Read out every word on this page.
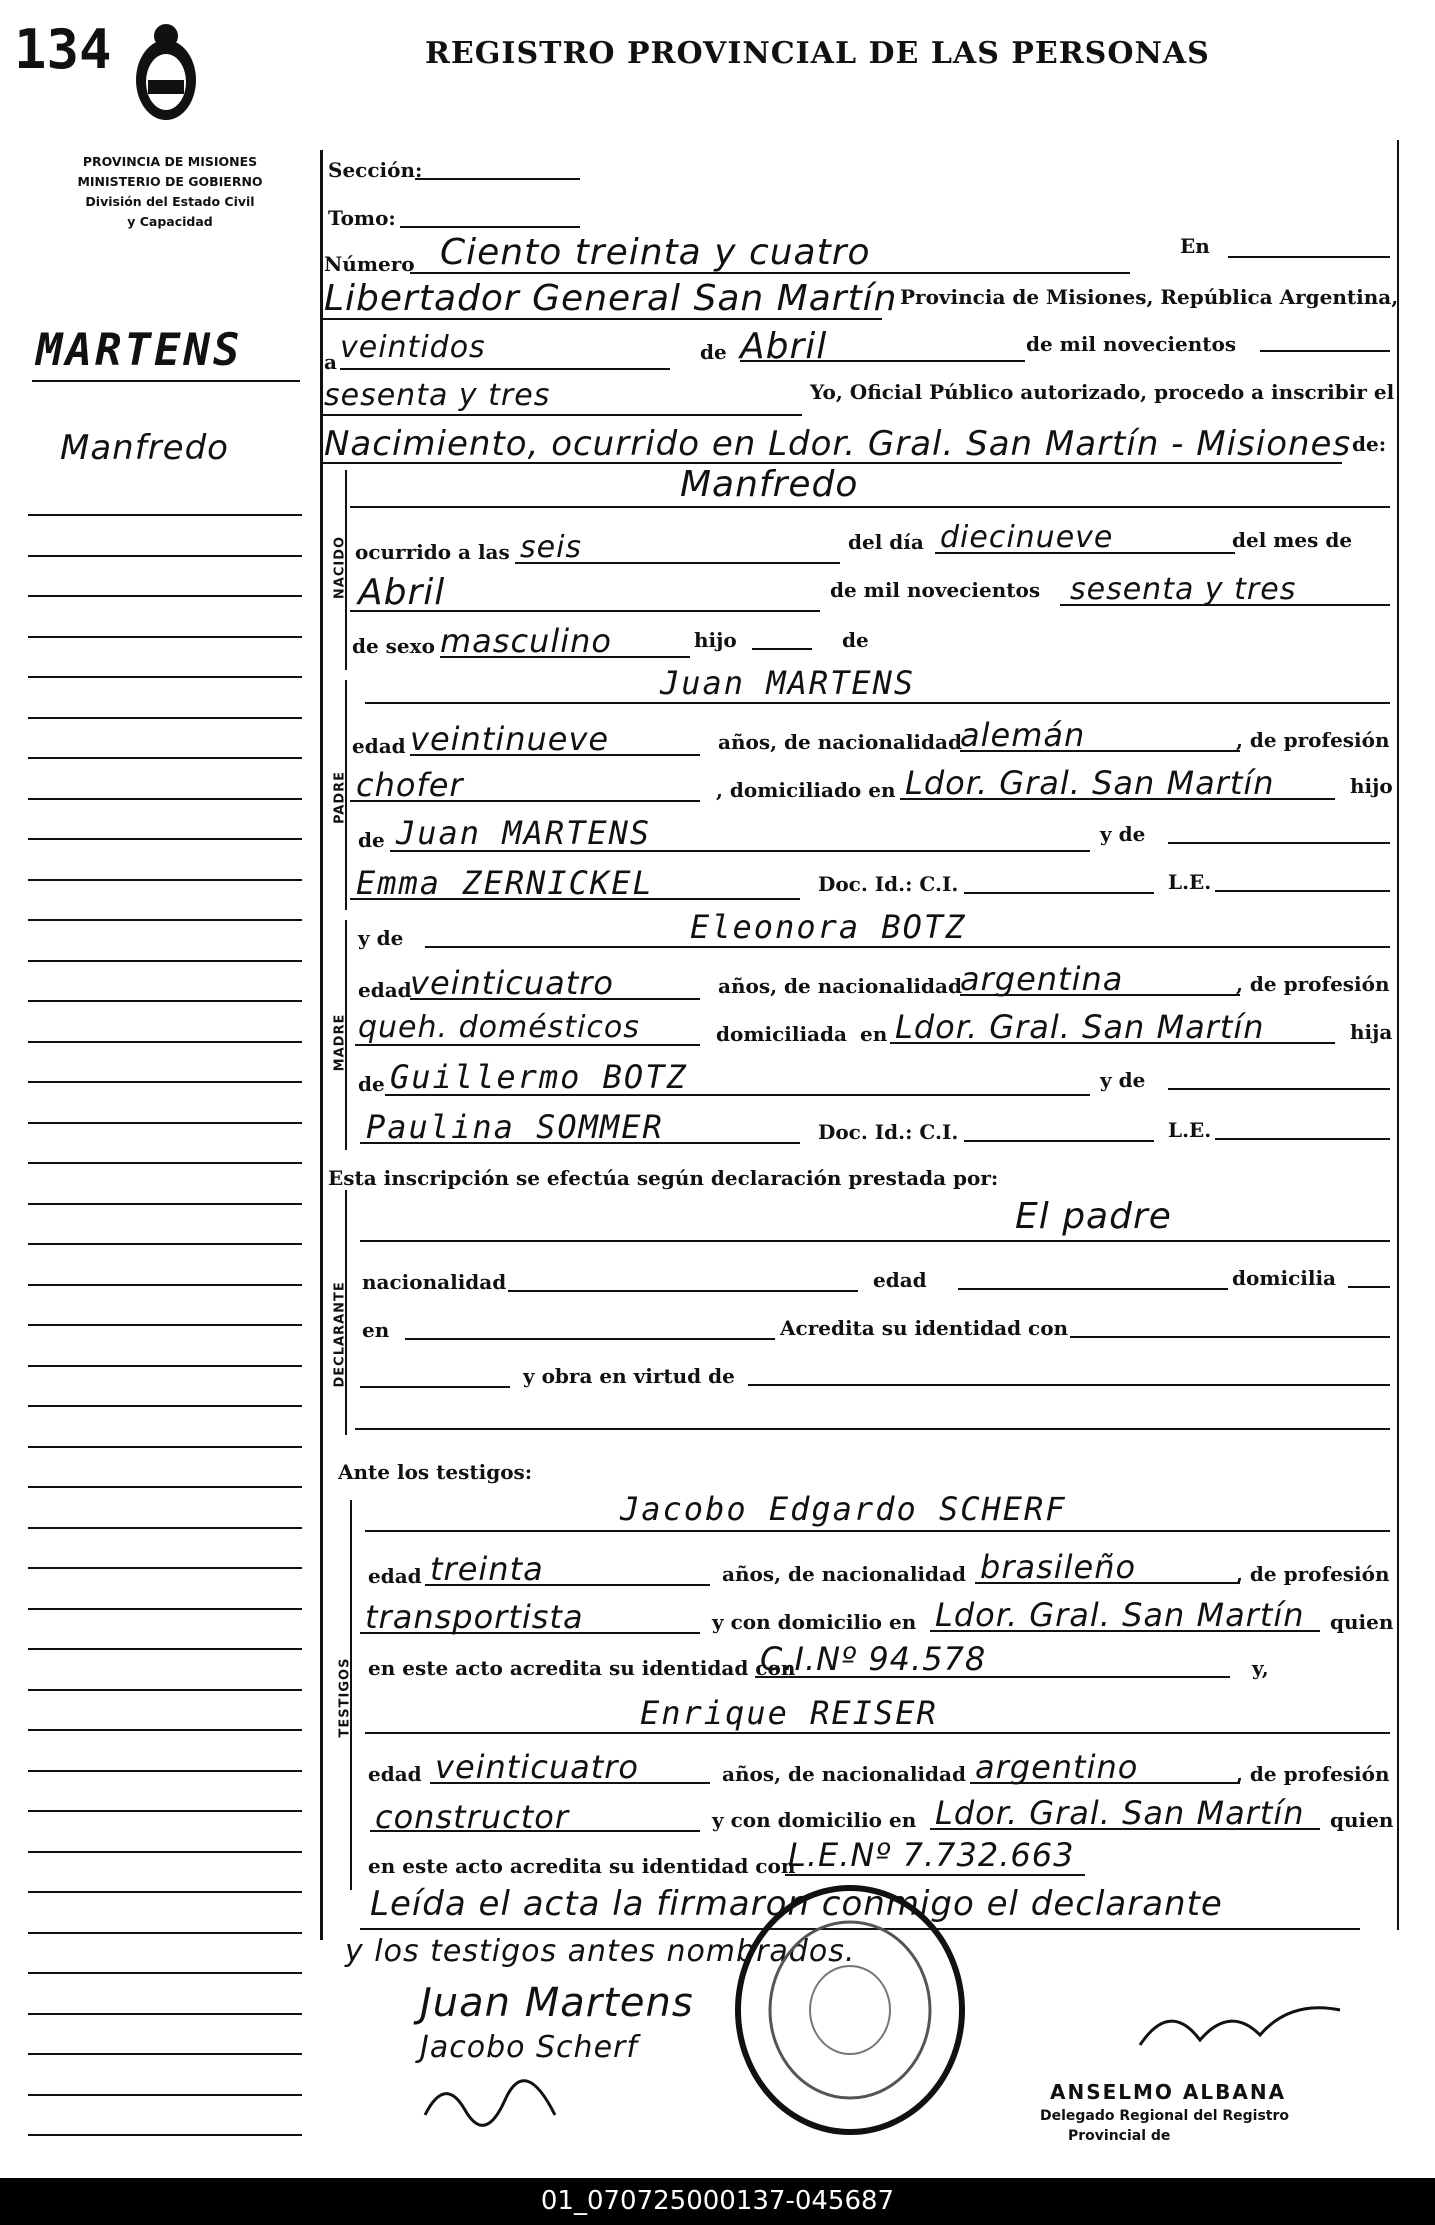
134	REGISTRO PROVINCIAL DE LAS PERSONAS
PROVINCIA DE MISIONES
MINISTERIO DE GOBIERNO
División del Estado Civil
y Capacidad
MARTENS
Manfredo
Sección:
Tomo:
Número Ciento treinta y cuatro	En
Libertador General San Martín Provincia de Misiones, República Argentina,
a veintidos	de Abril	de mil novecientos
sesenta y tres	Yo, Oficial Público autorizado, procedo a inscribir el
Nacimiento, ocurrido en Ldor. Gral. San Martín - Misiones de:
NACIDO
Manfredo
ocurrido a las seis	del día diecinueve	del mes de
Abril	de mil novecientos sesenta y tres
de sexo masculino	hijo	de
PADRE
Juan MARTENS
edad veintinueve	años, de nacionalidad
alemán	, de profesión
chofer	, domiciliado en Ldor. Gral. San Martín	hijo
de Juan MARTENS	y de
Emma ZERNICKEL	Doc. Id.: C.I.	L.E.
MADRE
y de	Eleonora BOTZ
edad
veinticuatro	años, de nacionalidad
argentina	, de profesión
queh. domésticos	domiciliada en Ldor. Gral. San Martín	hija
de Guillermo BOTZ	y de
Paulina SOMMER	Doc. Id.: C.I.	L.E.
Esta inscripción se efectúa según declaración prestada por:
DECLARANTE
El padre
nacionalidad	edad	domicilia
en	Acredita su identidad con
y obra en virtud de
Ante los testigos:
TESTIGOS
Jacobo Edgardo SCHERF
edad treinta	años, de nacionalidad brasileño	, de profesión
transportista	y con domicilio en Ldor. Gral. San Martín quien
en este acto acredita su identidad con
C.I.Nº 94.578	y,
Enrique REISER
edad veinticuatro	años, de nacionalidad argentino	, de profesión
constructor	y con domicilio en Ldor. Gral. San Martín quien
en este acto acredita su identidad con
L.E.Nº 7.732.663
Leída el acta la firmaron conmigo el declarante
y los testigos antes nombrados.
Juan Martens
Jacobo Scherf
ANSELMO ALBANA
Delegado Regional del Registro
Provincial de
01_070725000137-045687
